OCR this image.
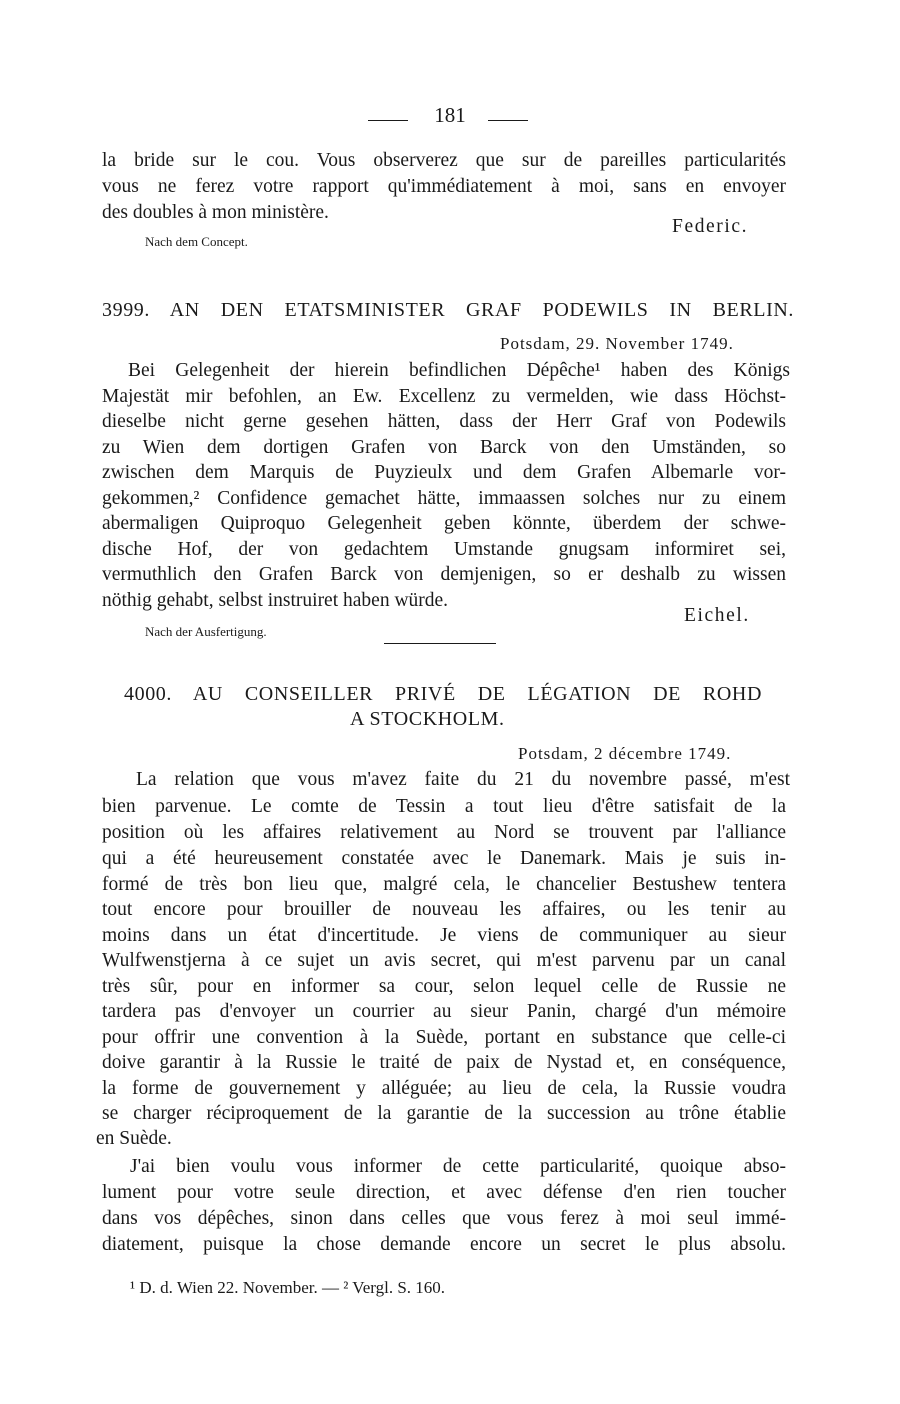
181
la bride sur le cou. Vous observerez que sur de pareilles particularités
vous ne ferez votre rapport qu'immédiatement à moi, sans en envoyer
des doubles à mon ministère.
Federic.
Nach dem Concept.
3999. AN DEN ETATSMINISTER GRAF PODEWILS IN BERLIN.
Potsdam, 29. November 1749.
Bei Gelegenheit der hierein befindlichen Dépêche¹ haben des Königs
Majestät mir befohlen, an Ew. Excellenz zu vermelden, wie dass Höchst-
dieselbe nicht gerne gesehen hätten, dass der Herr Graf von Podewils
zu Wien dem dortigen Grafen von Barck von den Umständen, so
zwischen dem Marquis de Puyzieulx und dem Grafen Albemarle vor-
gekommen,² Confidence gemachet hätte, immaassen solches nur zu einem
abermaligen Quiproquo Gelegenheit geben könnte, überdem der schwe-
dische Hof, der von gedachtem Umstande gnugsam informiret sei,
vermuthlich den Grafen Barck von demjenigen, so er deshalb zu wissen
nöthig gehabt, selbst instruiret haben würde.
Eichel.
Nach der Ausfertigung.
4000. AU CONSEILLER PRIVÉ DE LÉGATION DE ROHD
A STOCKHOLM.
Potsdam, 2 décembre 1749.
La relation que vous m'avez faite du 21 du novembre passé, m'est
bien parvenue. Le comte de Tessin a tout lieu d'être satisfait de la
position où les affaires relativement au Nord se trouvent par l'alliance
qui a été heureusement constatée avec le Danemark. Mais je suis in-
formé de très bon lieu que, malgré cela, le chancelier Bestushew tentera
tout encore pour brouiller de nouveau les affaires, ou les tenir au
moins dans un état d'incertitude. Je viens de communiquer au sieur
Wulfwenstjerna à ce sujet un avis secret, qui m'est parvenu par un canal
très sûr, pour en informer sa cour, selon lequel celle de Russie ne
tardera pas d'envoyer un courrier au sieur Panin, chargé d'un mémoire
pour offrir une convention à la Suède, portant en substance que celle-ci
doive garantir à la Russie le traité de paix de Nystad et, en conséquence,
la forme de gouvernement y alléguée; au lieu de cela, la Russie voudra
se charger réciproquement de la garantie de la succession au trône établie
en Suède.
J'ai bien voulu vous informer de cette particularité, quoique abso-
lument pour votre seule direction, et avec défense d'en rien toucher
dans vos dépêches, sinon dans celles que vous ferez à moi seul immé-
diatement, puisque la chose demande encore un secret le plus absolu.
¹ D. d. Wien 22. November. — ² Vergl. S. 160.
